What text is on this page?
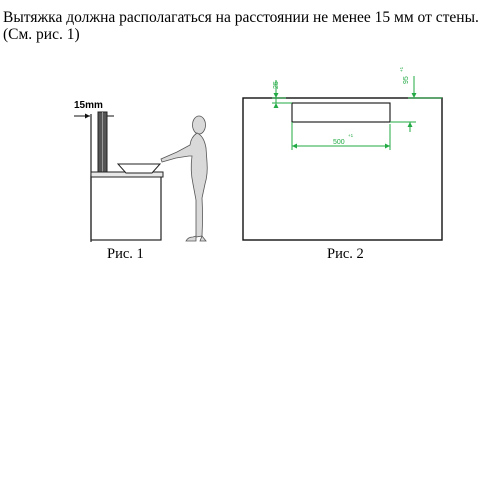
Вытяжка должна располагаться на расстоянии не менее 15 мм от стены.
(См. рис. 1)

15mm
Рис. 1
25
95
+1
500
+1
Рис. 2
